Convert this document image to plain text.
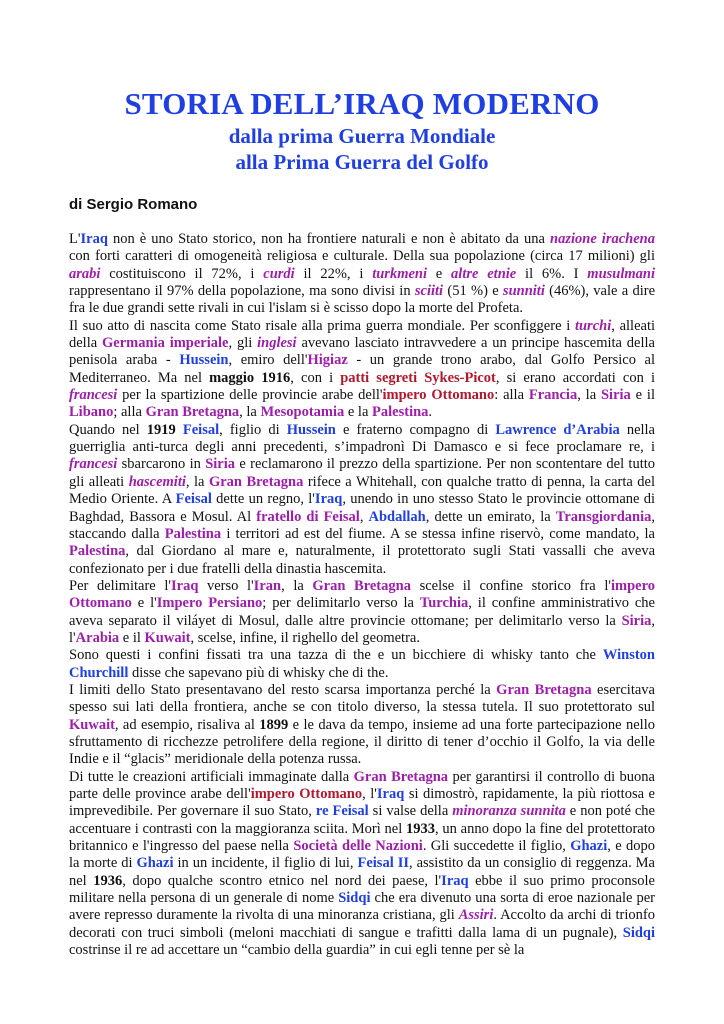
STORIA DELL’IRAQ MODERNO
dalla prima Guerra Mondiale
alla Prima Guerra del Golfo

di Sergio Romano

L'Iraq non è uno Stato storico, non ha frontiere naturali e non è abitato da una nazione irachena con forti caratteri di omogeneità religiosa e culturale. Della sua popolazione (circa 17 milioni) gli arabi costituiscono il 72%, i curdi il 22%, i turkmeni e altre etnie il 6%. I musulmani rappresentano il 97% della popolazione, ma sono divisi in sciiti (51 %) e sunniti (46%), vale a dire fra le due grandi sette rivali in cui l'islam si è scisso dopo la morte del Profeta.

Il suo atto di nascita come Stato risale alla prima guerra mondiale. Per sconfiggere i turchi, alleati della Germania imperiale, gli inglesi avevano lasciato intravvedere a un principe hascemita della penisola araba - Hussein, emiro dell'Higiaz - un grande trono arabo, dal Golfo Persico al Mediterraneo. Ma nel maggio 1916, con i patti segreti Sykes-Picot, si erano accordati con i francesi per la spartizione delle provincie arabe dell'impero Ottomano: alla Francia, la Siria e il Libano; alla Gran Bretagna, la Mesopotamia e la Palestina.

Quando nel 1919 Feisal, figlio di Hussein e fraterno compagno di Lawrence d’Arabia nella guerriglia anti-turca degli anni precedenti, s’impadronì Di Damasco e si fece proclamare re, i francesi sbarcarono in Siria e reclamarono il prezzo della spartizione. Per non scontentare del tutto gli alleati hascemiti, la Gran Bretagna rifece a Whitehall, con qualche tratto di penna, la carta del Medio Oriente. A Feisal dette un regno, l'Iraq, unendo in uno stesso Stato le provincie ottomane di Baghdad, Bassora e Mosul. Al fratello di Feisal, Abdallah, dette un emirato, la Transgiordania, staccando dalla Palestina i territori ad est del fiume. A se stessa infine riservò, come mandato, la Palestina, dal Giordano al mare e, naturalmente, il protettorato sugli Stati vassalli che aveva confezionato per i due fratelli della dinastia hascemita.

Per delimitare l'Iraq verso l'Iran, la Gran Bretagna scelse il confine storico fra l'impero Ottomano e l'Impero Persiano; per delimitarlo verso la Turchia, il confine amministrativo che aveva separato il viláyet di Mosul, dalle altre provincie ottomane; per delimitarlo verso la Siria, l'Arabia e il Kuwait, scelse, infine, il righello del geometra.

Sono questi i confini fissati tra una tazza di the e un bicchiere di whisky tanto che Winston Churchill disse che sapevano più di whisky che di the.

I limiti dello Stato presentavano del resto scarsa importanza perché la Gran Bretagna esercitava spesso sui lati della frontiera, anche se con titolo diverso, la stessa tutela. Il suo protettorato sul Kuwait, ad esempio, risaliva al 1899 e le dava da tempo, insieme ad una forte partecipazione nello sfruttamento di ricchezze petrolifere della regione, il diritto di tener d’occhio il Golfo, la via delle Indie e il “glacis” meridionale della potenza russa.

Di tutte le creazioni artificiali immaginate dalla Gran Bretagna per garantirsi il controllo di buona parte delle province arabe dell'impero Ottomano, l'Iraq si dimostrò, rapidamente, la più riottosa e imprevedibile. Per governare il suo Stato, re Feisal si valse della minoranza sunnita e non poté che accentuare i contrasti con la maggioranza sciita. Morì nel 1933, un anno dopo la fine del protettorato britannico e l'ingresso del paese nella Società delle Nazioni. Gli succedette il figlio, Ghazi, e dopo la morte di Ghazi in un incidente, il figlio di lui, Feisal II, assistito da un consiglio di reggenza. Ma nel 1936, dopo qualche scontro etnico nel nord dei paese, l'Iraq ebbe il suo primo proconsole militare nella persona di un generale di nome Sidqi che era divenuto una sorta di eroe nazionale per avere represso duramente la rivolta di una minoranza cristiana, gli Assiri. Accolto da archi di trionfo decorati con truci simboli (meloni macchiati di sangue e trafitti dalla lama di un pugnale), Sidqi costrinse il re ad accettare un “cambio della guardia” in cui egli tenne per sè la
